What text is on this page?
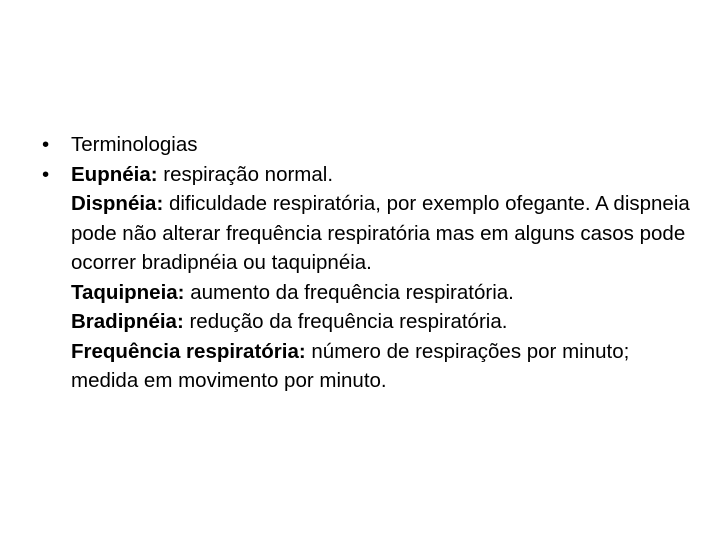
•	Terminologias
•	Eupnéia: respiração normal.
Dispnéia: dificuldade respiratória, por exemplo ofegante. A dispneia pode não alterar frequência respiratória mas em alguns casos pode ocorrer bradipnéia ou taquipnéia.
Taquipneia: aumento da frequência respiratória.
Bradipnéia: redução da frequência respiratória.
Frequência respiratória: número de respirações por minuto; medida em movimento por minuto.
